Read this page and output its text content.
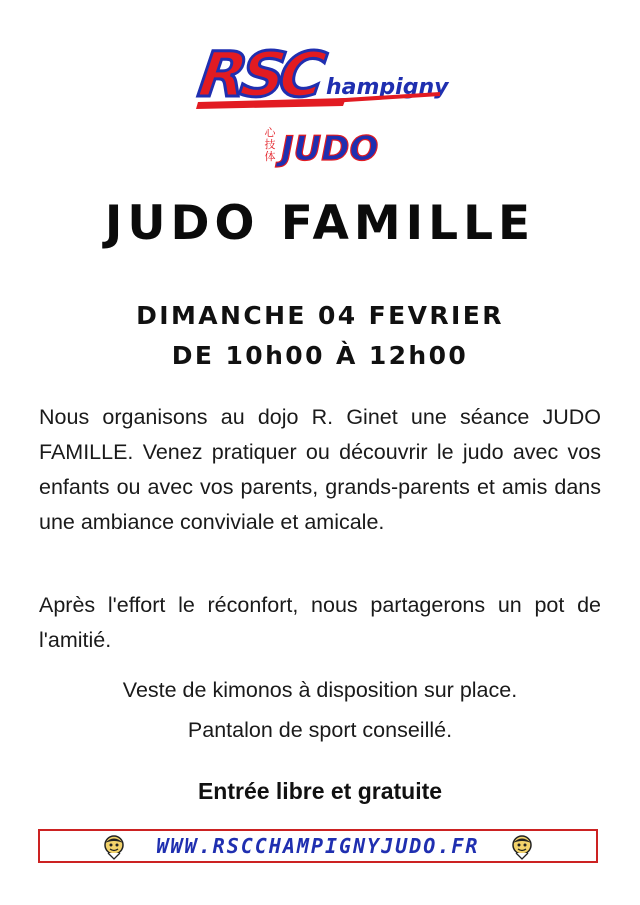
RSC hampigny
心
技
体 JUDO
JUDO FAMILLE
DIMANCHE 04 FEVRIER
DE 10h00 À 12h00

Nous organisons au dojo R. Ginet une séance JUDO FAMILLE. Venez pratiquer ou découvrir le judo avec vos enfants ou avec vos parents, grands-parents et amis dans une ambiance conviviale et amicale.

Après l'effort le réconfort, nous partagerons un pot de l'amitié.

Veste de kimonos à disposition sur place.
Pantalon de sport conseillé.
Entrée libre et gratuite
WWW.RSCCHAMPIGNYJUDO.FR
